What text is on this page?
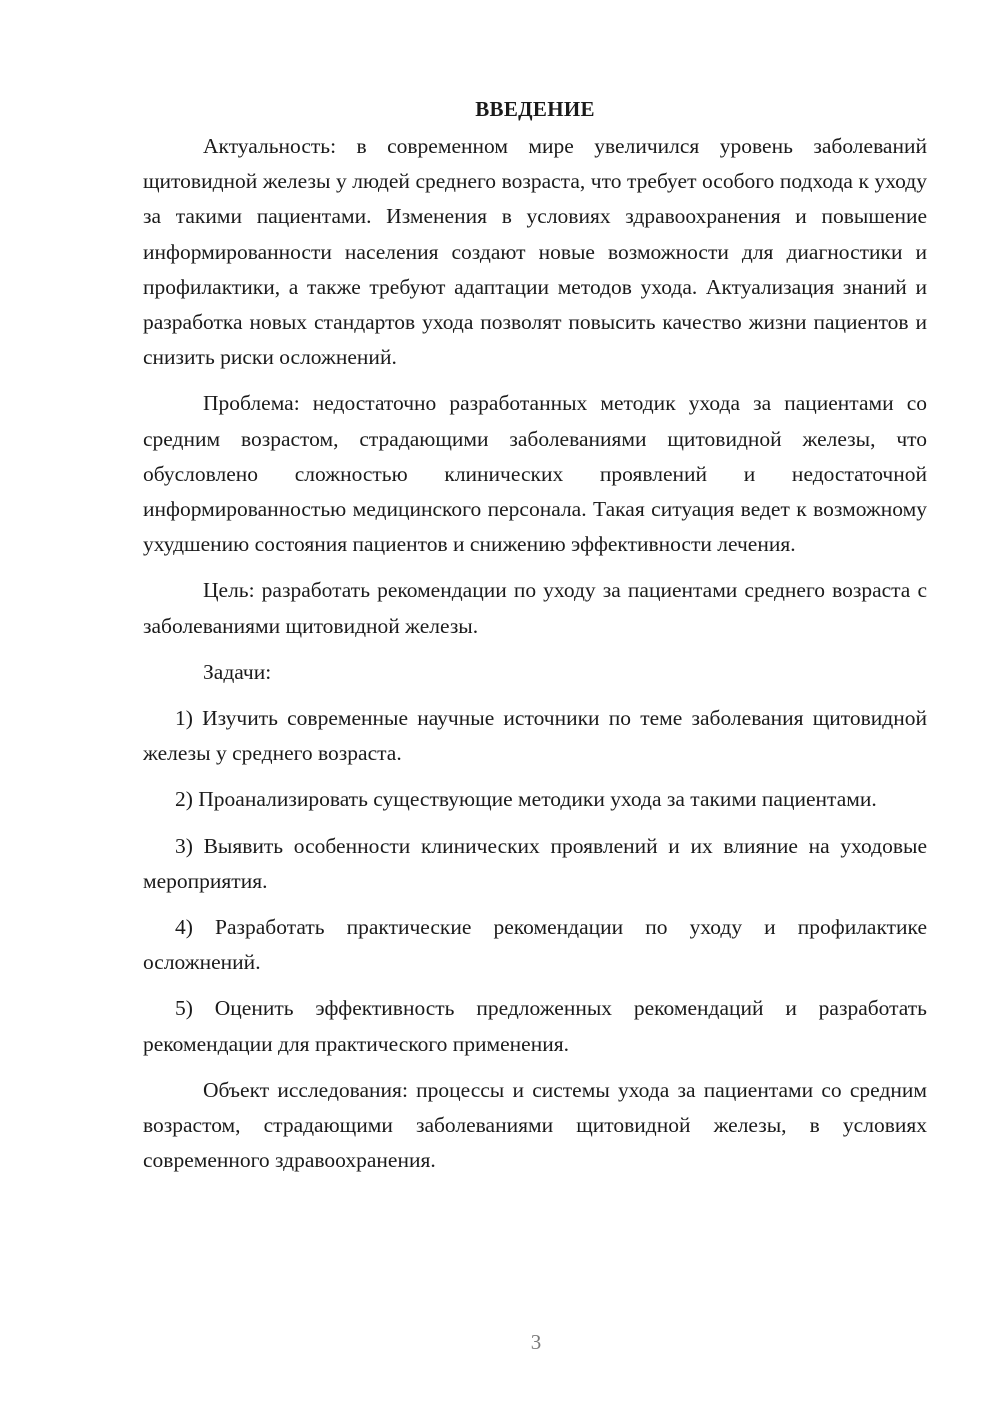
ВВЕДЕНИЕ

Актуальность: в современном мире увеличился уровень заболеваний щитовидной железы у людей среднего возраста, что требует особого подхода к уходу за такими пациентами. Изменения в условиях здравоохранения и повышение информированности населения создают новые возможности для диагностики и профилактики, а также требуют адаптации методов ухода. Актуализация знаний и разработка новых стандартов ухода позволят повысить качество жизни пациентов и снизить риски осложнений.

Проблема: недостаточно разработанных методик ухода за пациентами со средним возрастом, страдающими заболеваниями щитовидной железы, что обусловлено сложностью клинических проявлений и недостаточной информированностью медицинского персонала. Такая ситуация ведет к возможному ухудшению состояния пациентов и снижению эффективности лечения.

Цель: разработать рекомендации по уходу за пациентами среднего возраста с заболеваниями щитовидной железы.

Задачи:

1) Изучить современные научные источники по теме заболевания щитовидной железы у среднего возраста.

2) Проанализировать существующие методики ухода за такими пациентами.

3) Выявить особенности клинических проявлений и их влияние на уходовые мероприятия.

4) Разработать практические рекомендации по уходу и профилактике осложнений.

5) Оценить эффективность предложенных рекомендаций и разработать рекомендации для практического применения.

Объект исследования: процессы и системы ухода за пациентами со средним возрастом, страдающими заболеваниями щитовидной железы, в условиях современного здравоохранения.

3
